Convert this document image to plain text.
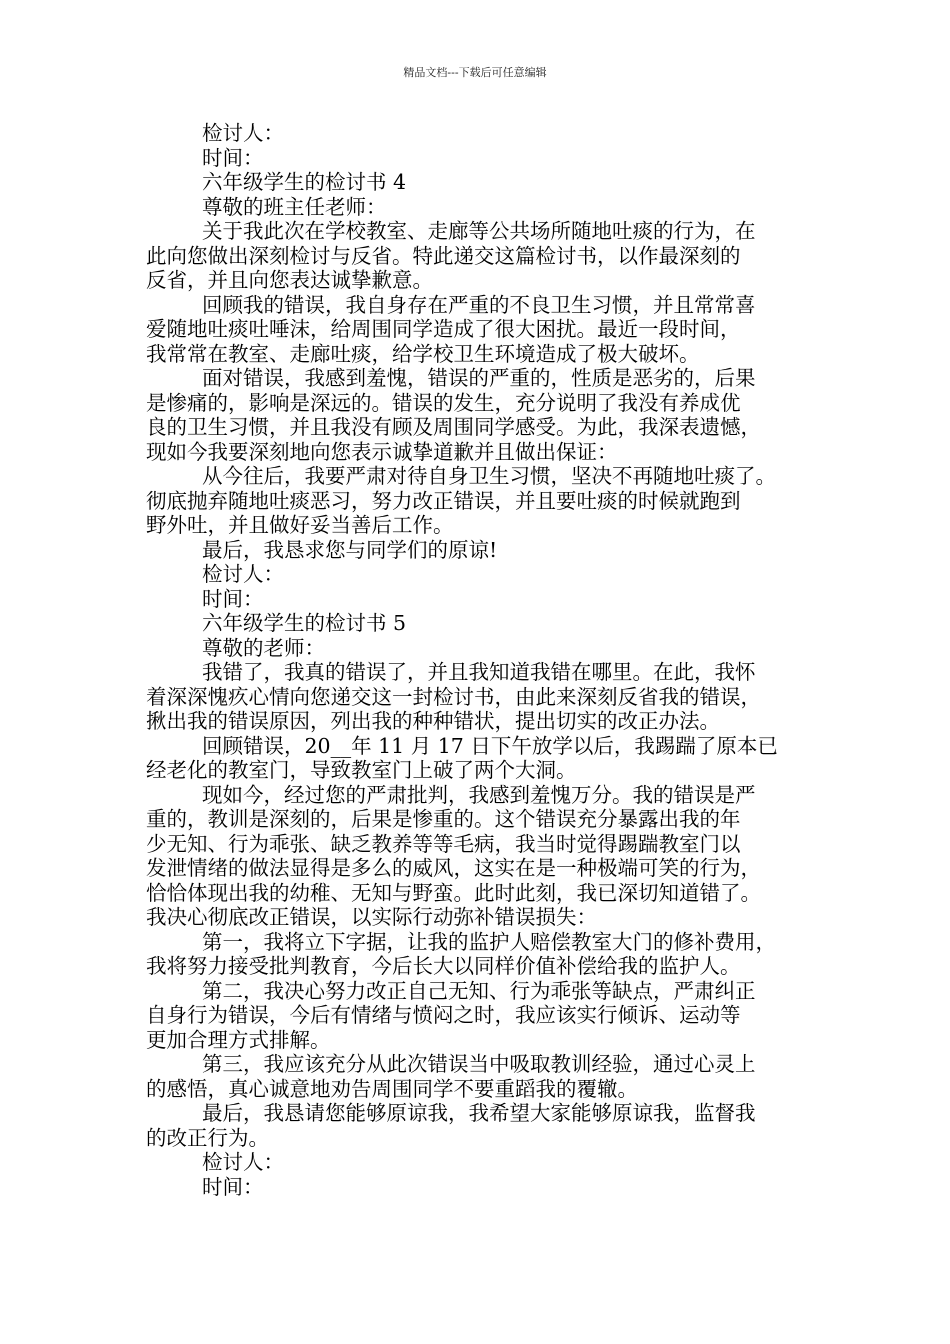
精品文档---下载后可任意编辑
检讨人：
时间：
六年级学生的检讨书 4
尊敬的班主任老师：
关于我此次在学校教室、走廊等公共场所随地吐痰的行为，在
此向您做出深刻检讨与反省。特此递交这篇检讨书，以作最深刻的
反省，并且向您表达诚挚歉意。
回顾我的错误，我自身存在严重的不良卫生习惯，并且常常喜
爱随地吐痰吐唾沫，给周围同学造成了很大困扰。最近一段时间，
我常常在教室、走廊吐痰，给学校卫生环境造成了极大破坏。
面对错误，我感到羞愧，错误的严重的，性质是恶劣的，后果
是惨痛的，影响是深远的。错误的发生，充分说明了我没有养成优
良的卫生习惯，并且我没有顾及周围同学感受。为此，我深表遗憾，
现如今我要深刻地向您表示诚挚道歉并且做出保证：
从今往后，我要严肃对待自身卫生习惯，坚决不再随地吐痰了。
彻底抛弃随地吐痰恶习，努力改正错误，并且要吐痰的时候就跑到
野外吐，并且做好妥当善后工作。
最后，我恳求您与同学们的原谅!
检讨人：
时间：
六年级学生的检讨书 5
尊敬的老师：
我错了，我真的错误了，并且我知道我错在哪里。在此，我怀
着深深愧疚心情向您递交这一封检讨书，由此来深刻反省我的错误，
揪出我的错误原因，列出我的种种错状，提出切实的改正办法。
回顾错误，20__年 11 月 17 日下午放学以后，我踢踹了原本已
经老化的教室门，导致教室门上破了两个大洞。
现如今，经过您的严肃批判，我感到羞愧万分。我的错误是严
重的，教训是深刻的，后果是惨重的。这个错误充分暴露出我的年
少无知、行为乖张、缺乏教养等等毛病，我当时觉得踢踹教室门以
发泄情绪的做法显得是多么的威风，这实在是一种极端可笑的行为，
恰恰体现出我的幼稚、无知与野蛮。此时此刻，我已深切知道错了。
我决心彻底改正错误，以实际行动弥补错误损失：
第一，我将立下字据，让我的监护人赔偿教室大门的修补费用，
我将努力接受批判教育，今后长大以同样价值补偿给我的监护人。
第二，我决心努力改正自己无知、行为乖张等缺点，严肃纠正
自身行为错误，今后有情绪与愤闷之时，我应该实行倾诉、运动等
更加合理方式排解。
第三，我应该充分从此次错误当中吸取教训经验，通过心灵上
的感悟，真心诚意地劝告周围同学不要重蹈我的覆辙。
最后，我恳请您能够原谅我，我希望大家能够原谅我，监督我
的改正行为。
检讨人：
时间：
